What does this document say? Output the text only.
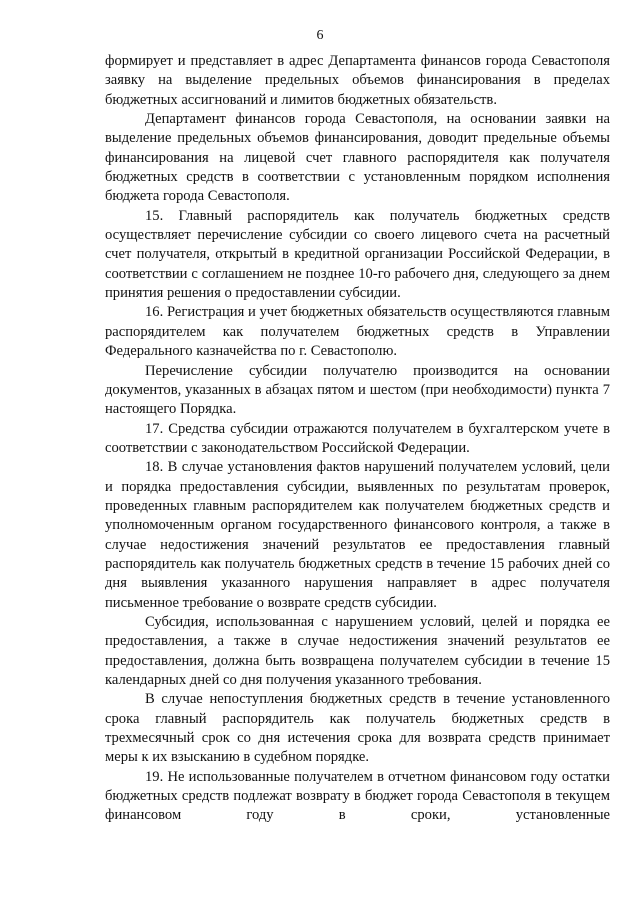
6

формирует и представляет в адрес Департамента финансов города Севастополя заявку на выделение предельных объемов финансирования в пределах бюджетных ассигнований и лимитов бюджетных обязательств.

Департамент финансов города Севастополя, на основании заявки на выделение предельных объемов финансирования, доводит предельные объемы финансирования на лицевой счет главного распорядителя как получателя бюджетных средств в соответствии с установленным порядком исполнения бюджета города Севастополя.

15. Главный распорядитель как получатель бюджетных средств осуществляет перечисление субсидии со своего лицевого счета на расчетный счет получателя, открытый в кредитной организации Российской Федерации, в соответствии с соглашением не позднее 10-го рабочего дня, следующего за днем принятия решения о предоставлении субсидии.

16. Регистрация и учет бюджетных обязательств осуществляются главным распорядителем как получателем бюджетных средств в Управлении Федерального казначейства по г. Севастополю.

Перечисление субсидии получателю производится на основании документов, указанных в абзацах пятом и шестом (при необходимости) пункта 7 настоящего Порядка.

17. Средства субсидии отражаются получателем в бухгалтерском учете в соответствии с законодательством Российской Федерации.

18. В случае установления фактов нарушений получателем условий, цели и порядка предоставления субсидии, выявленных по результатам проверок, проведенных главным распорядителем как получателем бюджетных средств и уполномоченным органом государственного финансового контроля, а также в случае недостижения значений результатов ее предоставления главный распорядитель как получатель бюджетных средств в течение 15 рабочих дней со дня выявления указанного нарушения направляет в адрес получателя письменное требование о возврате средств субсидии.

Субсидия, использованная с нарушением условий, целей и порядка ее предоставления, а также в случае недостижения значений результатов ее предоставления, должна быть возвращена получателем субсидии в течение 15 календарных дней со дня получения указанного требования.

В случае непоступления бюджетных средств в течение установленного срока главный распорядитель как получатель бюджетных средств в трехмесячный срок со дня истечения срока для возврата средств принимает меры к их взысканию в судебном порядке.

19. Не использованные получателем в отчетном финансовом году остатки бюджетных средств подлежат возврату в бюджет города Севастополя в текущем финансовом году в сроки, установленные
